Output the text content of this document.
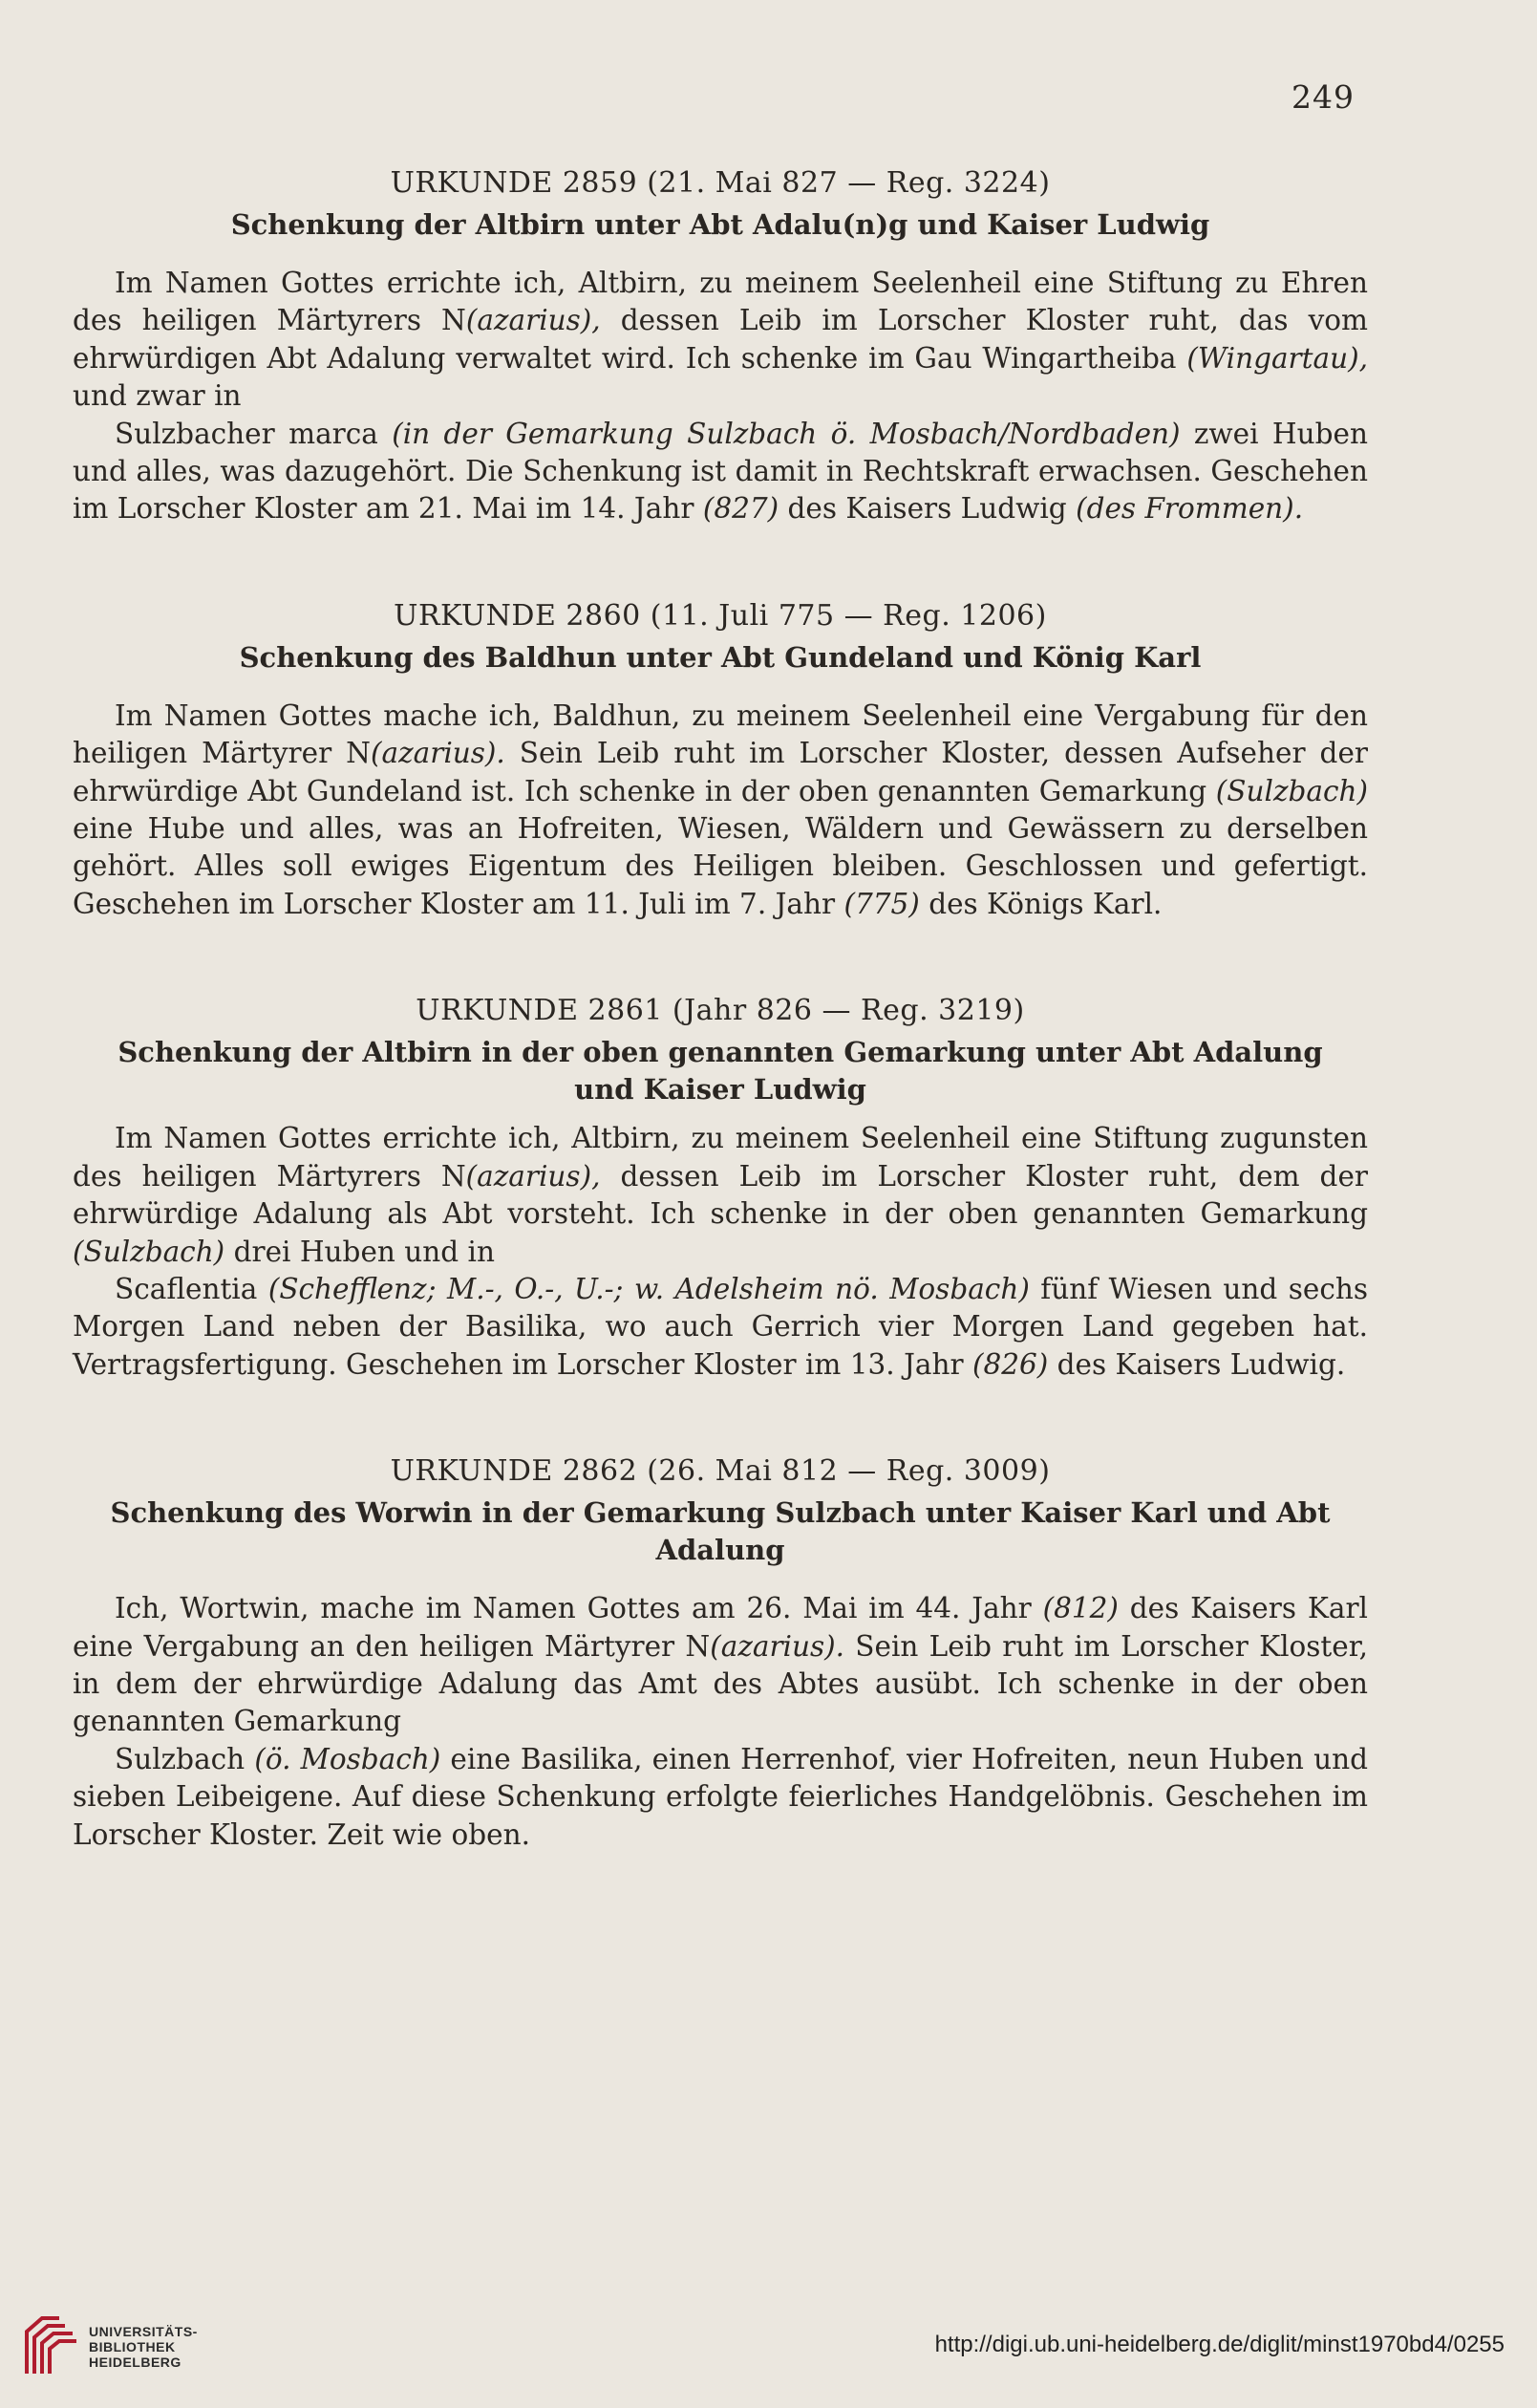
249

URKUNDE 2859 (21. Mai 827 — Reg. 3224)

Schenkung der Altbirn unter Abt Adalu(n)g und Kaiser Ludwig

Im Namen Gottes errichte ich, Altbirn, zu meinem Seelenheil eine Stiftung zu Ehren des heiligen Märtyrers N(azarius), dessen Leib im Lorscher Kloster ruht, das vom ehrwürdigen Abt Adalung verwaltet wird. Ich schenke im Gau Wingartheiba (Wingartau), und zwar in

Sulzbacher marca (in der Gemarkung Sulzbach ö. Mosbach/Nordbaden) zwei Huben und alles, was dazugehört. Die Schenkung ist damit in Rechtskraft erwachsen. Geschehen im Lorscher Kloster am 21. Mai im 14. Jahr (827) des Kaisers Ludwig (des Frommen).

URKUNDE 2860 (11. Juli 775 — Reg. 1206)

Schenkung des Baldhun unter Abt Gundeland und König Karl

Im Namen Gottes mache ich, Baldhun, zu meinem Seelenheil eine Vergabung für den heiligen Märtyrer N(azarius). Sein Leib ruht im Lorscher Kloster, dessen Aufseher der ehrwürdige Abt Gundeland ist. Ich schenke in der oben genannten Gemarkung (Sulzbach) eine Hube und alles, was an Hofreiten, Wiesen, Wäldern und Gewässern zu derselben gehört. Alles soll ewiges Eigentum des Heiligen bleiben. Geschlossen und gefertigt. Geschehen im Lorscher Kloster am 11. Juli im 7. Jahr (775) des Königs Karl.

URKUNDE 2861 (Jahr 826 — Reg. 3219)

Schenkung der Altbirn in der oben genannten Gemarkung unter Abt Adalung
und Kaiser Ludwig

Im Namen Gottes errichte ich, Altbirn, zu meinem Seelenheil eine Stiftung zugunsten des heiligen Märtyrers N(azarius), dessen Leib im Lorscher Kloster ruht, dem der ehrwürdige Adalung als Abt vorsteht. Ich schenke in der oben genannten Gemarkung (Sulzbach) drei Huben und in

Scaflentia (Schefflenz; M.-, O.-, U.-; w. Adelsheim nö. Mosbach) fünf Wiesen und sechs Morgen Land neben der Basilika, wo auch Gerrich vier Morgen Land gegeben hat. Vertragsfertigung. Geschehen im Lorscher Kloster im 13. Jahr (826) des Kaisers Ludwig.

URKUNDE 2862 (26. Mai 812 — Reg. 3009)

Schenkung des Worwin in der Gemarkung Sulzbach unter Kaiser Karl und Abt Adalung

Ich, Wortwin, mache im Namen Gottes am 26. Mai im 44. Jahr (812) des Kaisers Karl eine Vergabung an den heiligen Märtyrer N(azarius). Sein Leib ruht im Lorscher Kloster, in dem der ehrwürdige Adalung das Amt des Abtes ausübt. Ich schenke in der oben genannten Gemarkung

Sulzbach (ö. Mosbach) eine Basilika, einen Herrenhof, vier Hofreiten, neun Huben und sieben Leibeigene. Auf diese Schenkung erfolgte feierliches Handgelöbnis. Geschehen im Lorscher Kloster. Zeit wie oben.

UNIVERSITÄTS-
BIBLIOTHEK
HEIDELBERG
http://digi.ub.uni-heidelberg.de/diglit/minst1970bd4/0255
